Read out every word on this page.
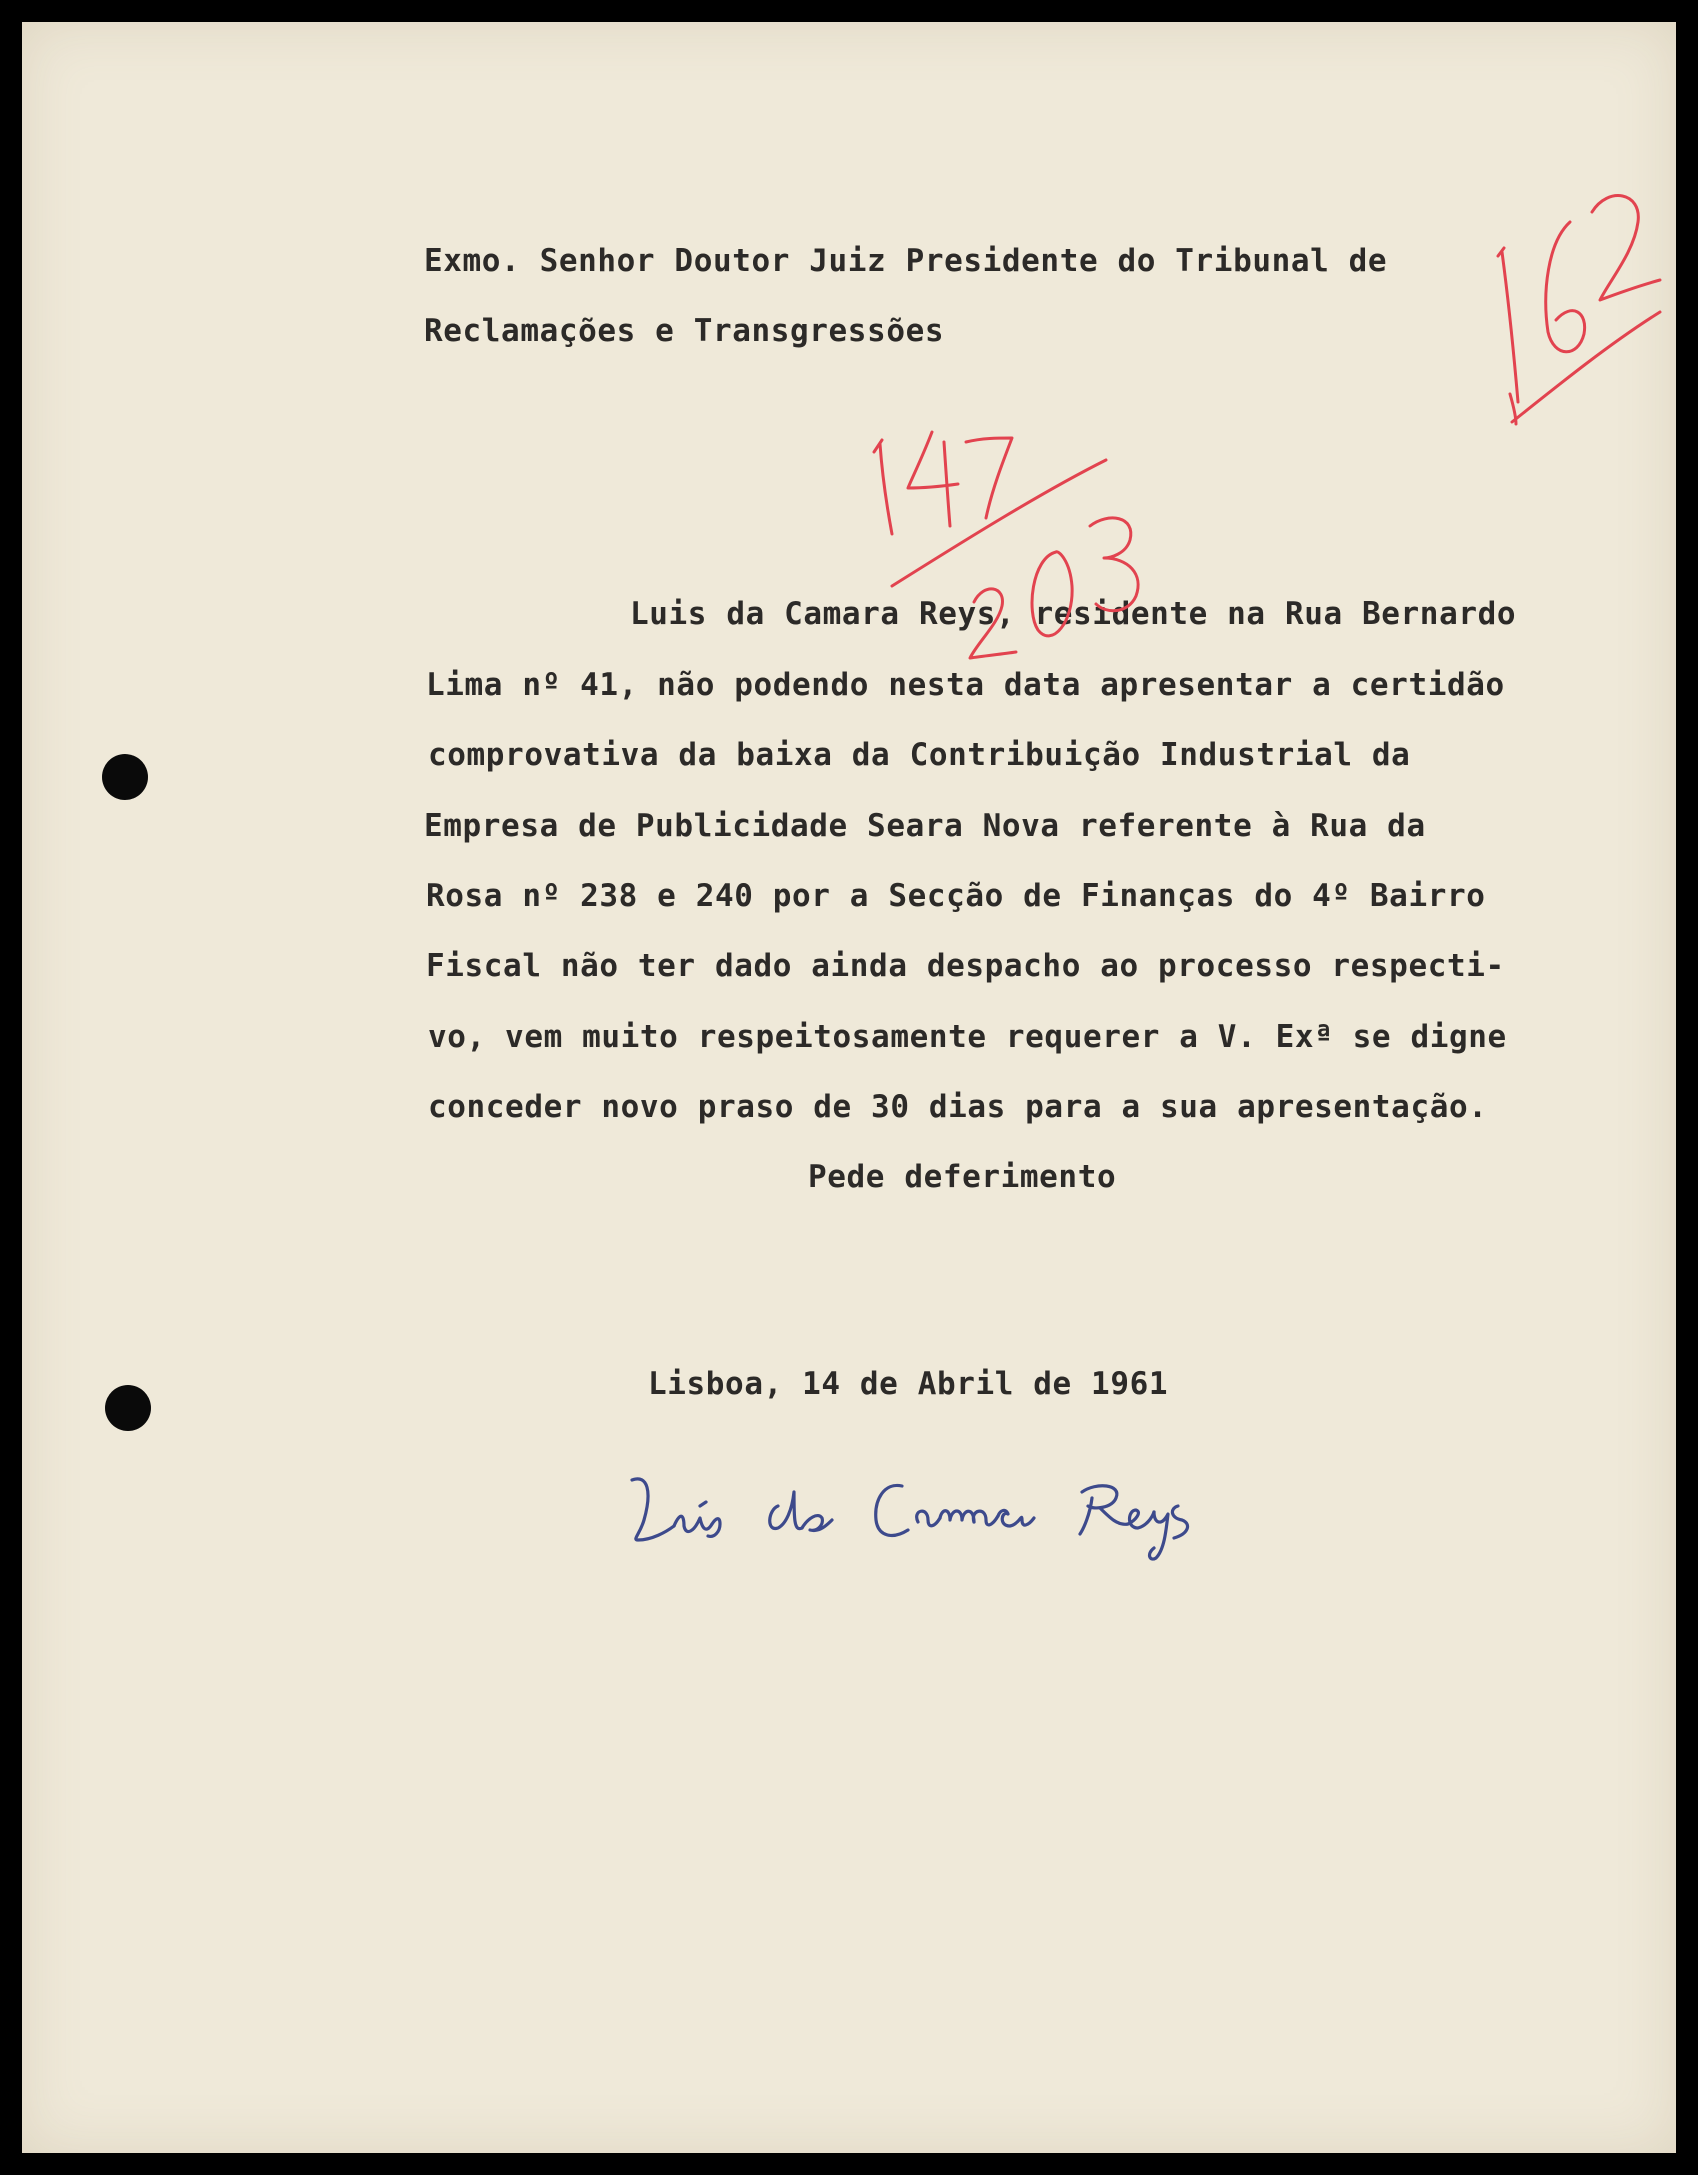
Exmo. Senhor Doutor Juiz Presidente do Tribunal de
Reclamações e Transgressões
Luis da Camara Reys, residente na Rua Bernardo
Lima nº 41, não podendo nesta data apresentar a certidão
comprovativa da baixa da Contribuição Industrial da
Empresa de Publicidade Seara Nova referente à Rua da
Rosa nº 238 e 240 por a Secção de Finanças do 4º Bairro
Fiscal não ter dado ainda despacho ao processo respecti-
vo, vem muito respeitosamente requerer a V. Exª se digne
conceder novo praso de 30 dias para a sua apresentação.
Pede deferimento
Lisboa, 14 de Abril de 1961
